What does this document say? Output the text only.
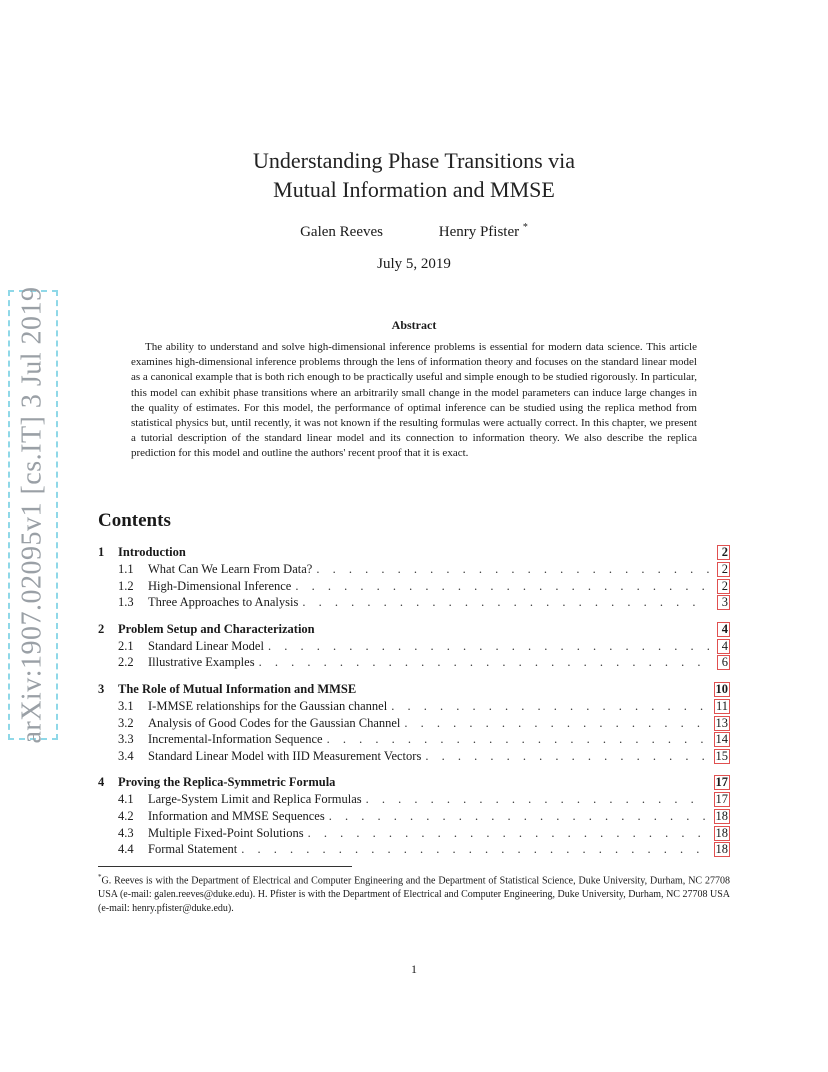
arXiv:1907.02095v1 [cs.IT] 3 Jul 2019
Understanding Phase Transitions via
Mutual Information and MMSE
Galen Reeves	Henry Pfister *
July 5, 2019
Abstract

The ability to understand and solve high-dimensional inference problems is essential for modern data science. This article examines high-dimensional inference problems through the lens of information theory and focuses on the standard linear model as a canonical example that is both rich enough to be practically useful and simple enough to be studied rigorously. In particular, this model can exhibit phase transitions where an arbitrarily small change in the model parameters can induce large changes in the quality of estimates. For this model, the performance of optimal inference can be studied using the replica method from statistical physics but, until recently, it was not known if the resulting formulas were actually correct. In this chapter, we present a tutorial description of the standard linear model and its connection to information theory. We also describe the replica prediction for this model and outline the authors' recent proof that it is exact.

Contents
1	Introduction	2
1.1	What Can We Learn From Data? . . .	2
1.2	High-Dimensional Inference . . .	2
1.3	Three Approaches to Analysis . . .	3
2	Problem Setup and Characterization	4
2.1	Standard Linear Model . . .	4
2.2	Illustrative Examples . . .	6
3	The Role of Mutual Information and MMSE	10
3.1	I-MMSE relationships for the Gaussian channel . . .	11
3.2	Analysis of Good Codes for the Gaussian Channel . . .	13
3.3	Incremental-Information Sequence . . .	14
3.4	Standard Linear Model with IID Measurement Vectors . . .	15
4	Proving the Replica-Symmetric Formula	17
4.1	Large-System Limit and Replica Formulas . . .	17
4.2	Information and MMSE Sequences . . .	18
4.3	Multiple Fixed-Point Solutions . . .	18
4.4	Formal Statement . . .	18

*G. Reeves is with the Department of Electrical and Computer Engineering and the Department of Statistical Science, Duke University, Durham, NC 27708 USA (e-mail: galen.reeves@duke.edu). H. Pfister is with the Department of Electrical and Computer Engineering, Duke University, Durham, NC 27708 USA (e-mail: henry.pfister@duke.edu).

1
